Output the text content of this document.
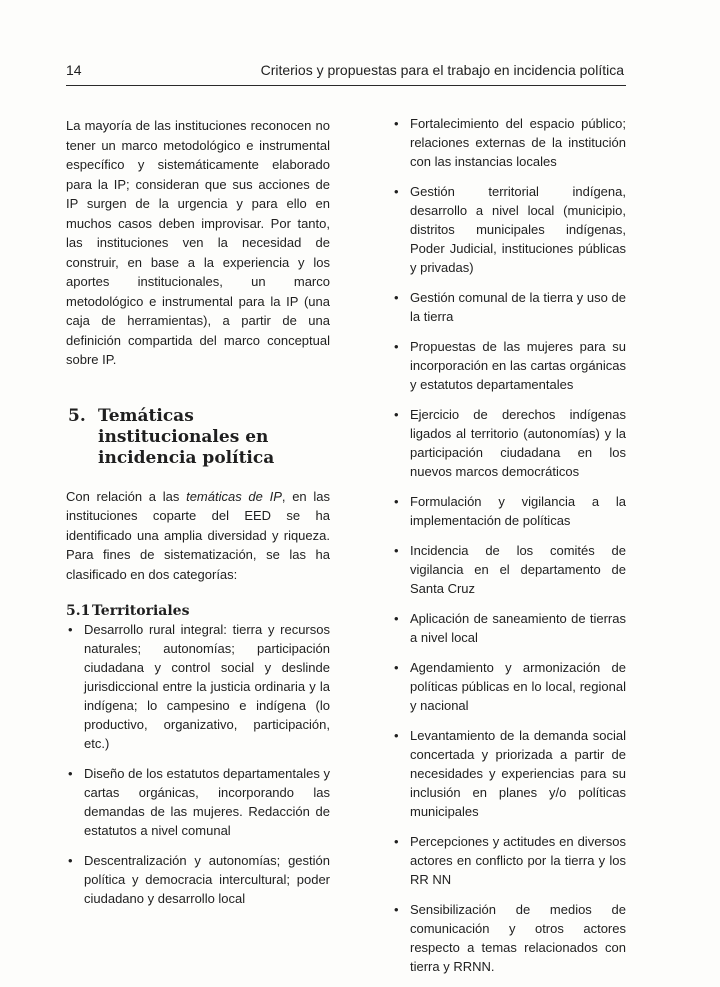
14	Criterios y propuestas para el trabajo en incidencia política

La mayoría de las instituciones reconocen no tener un marco metodológico e instrumental específico y sistemáticamente elaborado para la IP; consideran que sus acciones de IP surgen de la urgencia y para ello en muchos casos deben improvisar. Por tanto, las instituciones ven la necesidad de construir, en base a la experiencia y los aportes institucionales, un marco metodológico e instrumental para la IP (una caja de herramientas), a partir de una definición compartida del marco conceptual sobre IP.

5. Temáticas institucionales en incidencia política

Con relación a las temáticas de IP, en las instituciones coparte del EED se ha identificado una amplia diversidad y riqueza. Para fines de sistematización, se las ha clasificado en dos categorías:

5.1 Territoriales
• Desarrollo rural integral: tierra y recursos naturales; autonomías; participación ciudadana y control social y deslinde jurisdiccional entre la justicia ordinaria y la indígena; lo campesino e indígena (lo productivo, organizativo, participación, etc.)
• Diseño de los estatutos departamentales y cartas orgánicas, incorporando las demandas de las mujeres. Redacción de estatutos a nivel comunal
• Descentralización y autonomías; gestión política y democracia intercultural; poder ciudadano y desarrollo local
• Fortalecimiento del espacio público; relaciones externas de la institución con las instancias locales
• Gestión territorial indígena, desarrollo a nivel local (municipio, distritos municipales indígenas, Poder Judicial, instituciones públicas y privadas)
• Gestión comunal de la tierra y uso de la tierra
• Propuestas de las mujeres para su incorporación en las cartas orgánicas y estatutos departamentales
• Ejercicio de derechos indígenas ligados al territorio (autonomías) y la participación ciudadana en los nuevos marcos democráticos
• Formulación y vigilancia a la implementación de políticas
• Incidencia de los comités de vigilancia en el departamento de Santa Cruz
• Aplicación de saneamiento de tierras a nivel local
• Agendamiento y armonización de políticas públicas en lo local, regional y nacional
• Levantamiento de la demanda social concertada y priorizada a partir de necesidades y experiencias para su inclusión en planes y/o políticas municipales
• Percepciones y actitudes en diversos actores en conflicto por la tierra y los RR NN
• Sensibilización de medios de comunicación y otros actores respecto a temas relacionados con tierra y RRNN.
